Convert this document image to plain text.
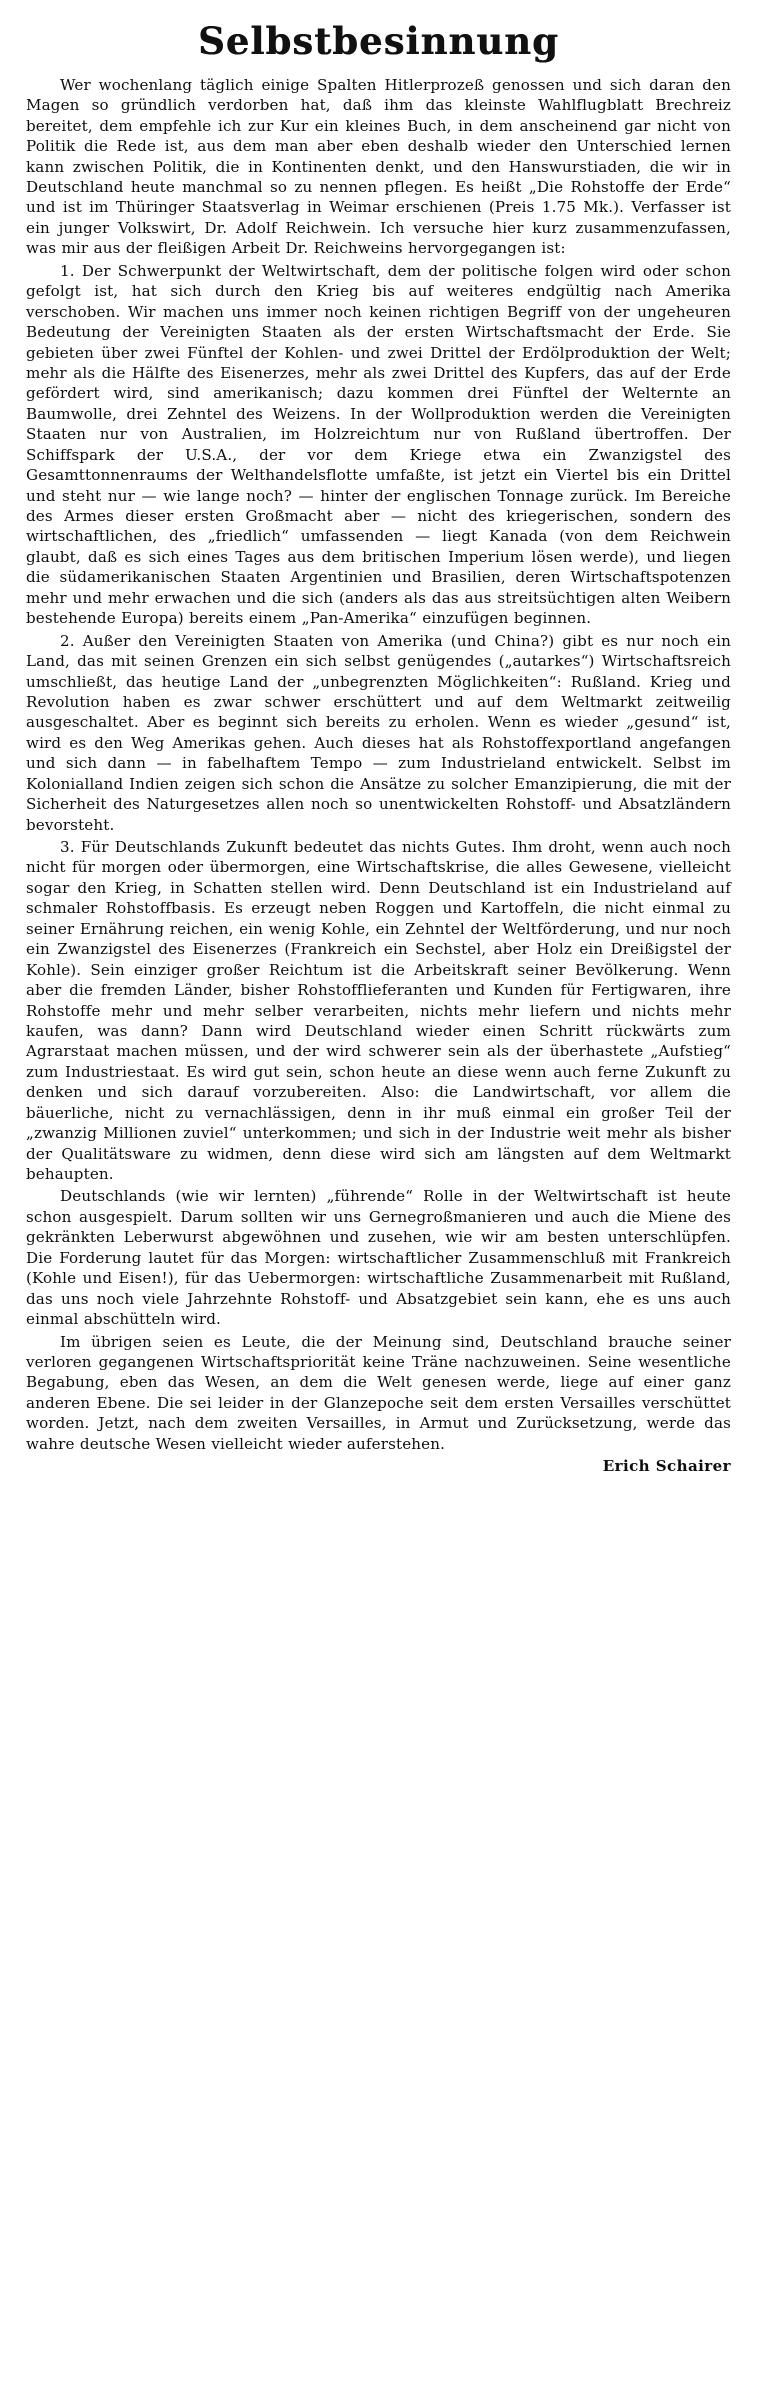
Selbstbesinnung

Wer wochenlang täglich einige Spalten Hitlerprozeß genossen und sich daran den Magen so gründlich verdorben hat, daß ihm das kleinste Wahlflugblatt Brechreiz bereitet, dem empfehle ich zur Kur ein kleines Buch, in dem anscheinend gar nicht von Politik die Rede ist, aus dem man aber eben deshalb wieder den Unterschied lernen kann zwischen Politik, die in Kontinenten denkt, und den Hanswurstiaden, die wir in Deutschland heute manchmal so zu nennen pflegen. Es heißt „Die Rohstoffe der Erde“ und ist im Thüringer Staatsverlag in Weimar erschienen (Preis 1.75 Mk.). Verfasser ist ein junger Volkswirt, Dr. Adolf Reichwein. Ich versuche hier kurz zusammenzufassen, was mir aus der fleißigen Arbeit Dr. Reichweins hervorgegangen ist:

1. Der Schwerpunkt der Weltwirtschaft, dem der politische folgen wird oder schon gefolgt ist, hat sich durch den Krieg bis auf weiteres endgültig nach Amerika verschoben. Wir machen uns immer noch keinen richtigen Begriff von der ungeheuren Bedeutung der Vereinigten Staaten als der ersten Wirtschaftsmacht der Erde. Sie gebieten über zwei Fünftel der Kohlen- und zwei Drittel der Erdölproduktion der Welt; mehr als die Hälfte des Eisenerzes, mehr als zwei Drittel des Kupfers, das auf der Erde gefördert wird, sind amerikanisch; dazu kommen drei Fünftel der Welternte an Baumwolle, drei Zehntel des Weizens. In der Wollproduktion werden die Vereinigten Staaten nur von Australien, im Holzreichtum nur von Rußland übertroffen. Der Schiffspark der U.S.A., der vor dem Kriege etwa ein Zwanzigstel des Gesamttonnenraums der Welthandelsflotte umfaßte, ist jetzt ein Viertel bis ein Drittel und steht nur — wie lange noch? — hinter der englischen Tonnage zurück. Im Bereiche des Armes dieser ersten Großmacht aber — nicht des kriegerischen, sondern des wirtschaftlichen, des „friedlich“ umfassenden — liegt Kanada (von dem Reichwein glaubt, daß es sich eines Tages aus dem britischen Imperium lösen werde), und liegen die südamerikanischen Staaten Argentinien und Brasilien, deren Wirtschaftspotenzen mehr und mehr erwachen und die sich (anders als das aus streitsüchtigen alten Weibern bestehende Europa) bereits einem „Pan-Amerika“ einzufügen beginnen.

2. Außer den Vereinigten Staaten von Amerika (und China?) gibt es nur noch ein Land, das mit seinen Grenzen ein sich selbst genügendes („autarkes“) Wirtschaftsreich umschließt, das heutige Land der „unbegrenzten Möglichkeiten“: Rußland. Krieg und Revolution haben es zwar schwer erschüttert und auf dem Weltmarkt zeitweilig ausgeschaltet. Aber es beginnt sich bereits zu erholen. Wenn es wieder „gesund“ ist, wird es den Weg Amerikas gehen. Auch dieses hat als Rohstoffexportland angefangen und sich dann — in fabelhaftem Tempo — zum Industrieland entwickelt. Selbst im Kolonialland Indien zeigen sich schon die Ansätze zu solcher Emanzipierung, die mit der Sicherheit des Naturgesetzes allen noch so unentwickelten Rohstoff- und Absatzländern bevorsteht.

3. Für Deutschlands Zukunft bedeutet das nichts Gutes. Ihm droht, wenn auch noch nicht für morgen oder übermorgen, eine Wirtschaftskrise, die alles Gewesene, vielleicht sogar den Krieg, in Schatten stellen wird. Denn Deutschland ist ein Industrieland auf schmaler Rohstoffbasis. Es erzeugt neben Roggen und Kartoffeln, die nicht einmal zu seiner Ernährung reichen, ein wenig Kohle, ein Zehntel der Weltförderung, und nur noch ein Zwanzigstel des Eisenerzes (Frankreich ein Sechstel, aber Holz ein Dreißigstel der Kohle). Sein einziger großer Reichtum ist die Arbeitskraft seiner Bevölkerung. Wenn aber die fremden Länder, bisher Rohstofflieferanten und Kunden für Fertigwaren, ihre Rohstoffe mehr und mehr selber verarbeiten, nichts mehr liefern und nichts mehr kaufen, was dann? Dann wird Deutschland wieder einen Schritt rückwärts zum Agrarstaat machen müssen, und der wird schwerer sein als der überhastete „Aufstieg“ zum Industriestaat. Es wird gut sein, schon heute an diese wenn auch ferne Zukunft zu denken und sich darauf vorzubereiten. Also: die Landwirtschaft, vor allem die bäuerliche, nicht zu vernachlässigen, denn in ihr muß einmal ein großer Teil der „zwanzig Millionen zuviel“ unterkommen; und sich in der Industrie weit mehr als bisher der Qualitätsware zu widmen, denn diese wird sich am längsten auf dem Weltmarkt behaupten.

Deutschlands (wie wir lernten) „führende“ Rolle in der Weltwirtschaft ist heute schon ausgespielt. Darum sollten wir uns Gernegroßmanieren und auch die Miene des gekränkten Leberwurst abgewöhnen und zusehen, wie wir am besten unterschlüpfen. Die Forderung lautet für das Morgen: wirtschaftlicher Zusammenschluß mit Frankreich (Kohle und Eisen!), für das Uebermorgen: wirtschaftliche Zusammenarbeit mit Rußland, das uns noch viele Jahrzehnte Rohstoff- und Absatzgebiet sein kann, ehe es uns auch einmal abschütteln wird.

Im übrigen seien es Leute, die der Meinung sind, Deutschland brauche seiner verloren gegangenen Wirtschaftspriorität keine Träne nachzuweinen. Seine wesentliche Begabung, eben das Wesen, an dem die Welt genesen werde, liege auf einer ganz anderen Ebene. Die sei leider in der Glanzepoche seit dem ersten Versailles verschüttet worden. Jetzt, nach dem zweiten Versailles, in Armut und Zurücksetzung, werde das wahre deutsche Wesen vielleicht wieder auferstehen.

Erich Schairer
